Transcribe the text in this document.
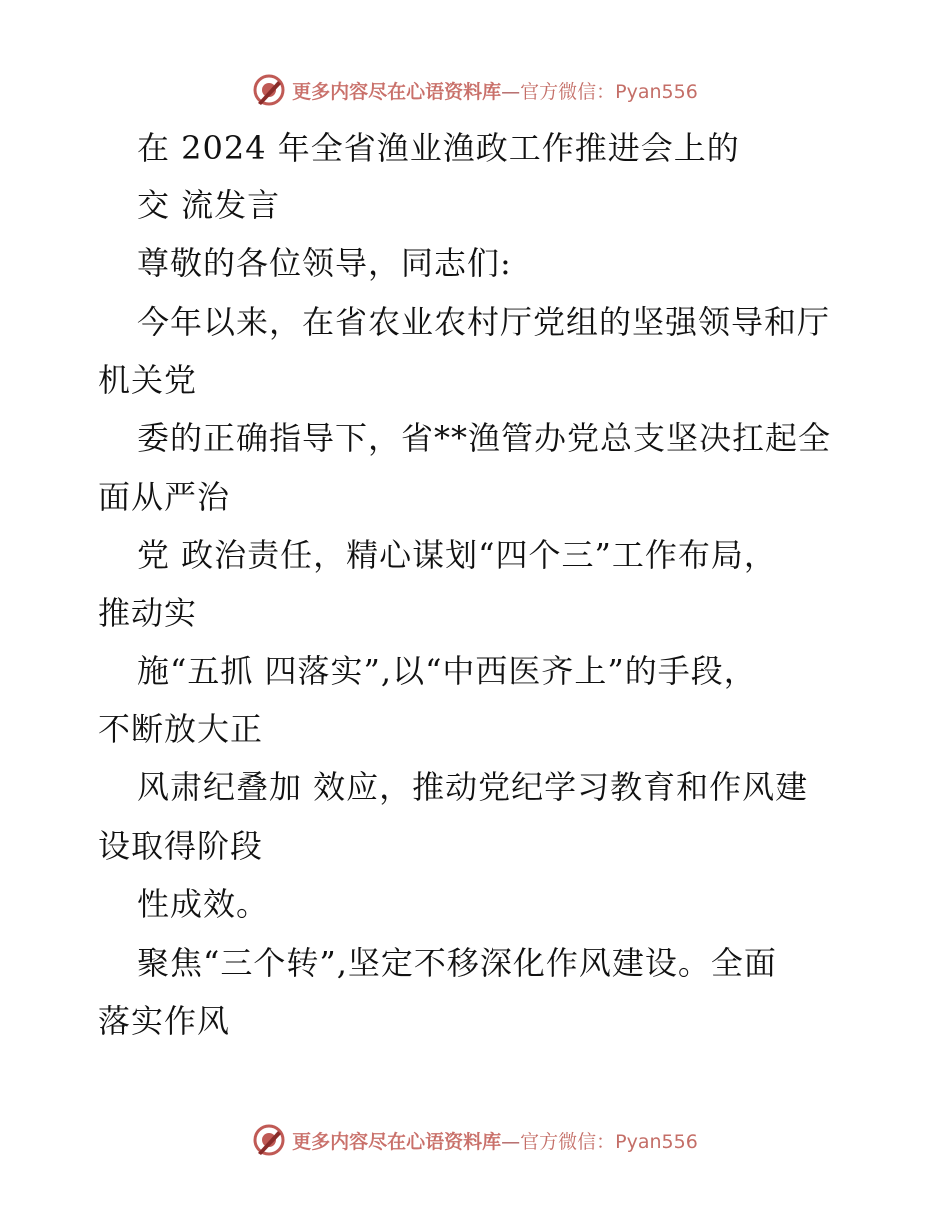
更多内容尽在心语资料库—官方微信：Pyan556
在 2024 年全省渔业渔政工作推进会上的
交 流发言
尊敬的各位领导，同志们:
今年以来，在省农业农村厅党组的坚强领导和厅
机关党
委的正确指导下，省**渔管办党总支坚决扛起全
面从严治
党 政治责任，精心谋划“四个三”工作布局，
推动实
施“五抓 四落实”,以“中西医齐上”的手段，
不断放大正
风肃纪叠加 效应，推动党纪学习教育和作风建
设取得阶段
性成效。
聚焦“三个转”,坚定不移深化作风建设。全面
落实作风
更多内容尽在心语资料库—官方微信：Pyan556
